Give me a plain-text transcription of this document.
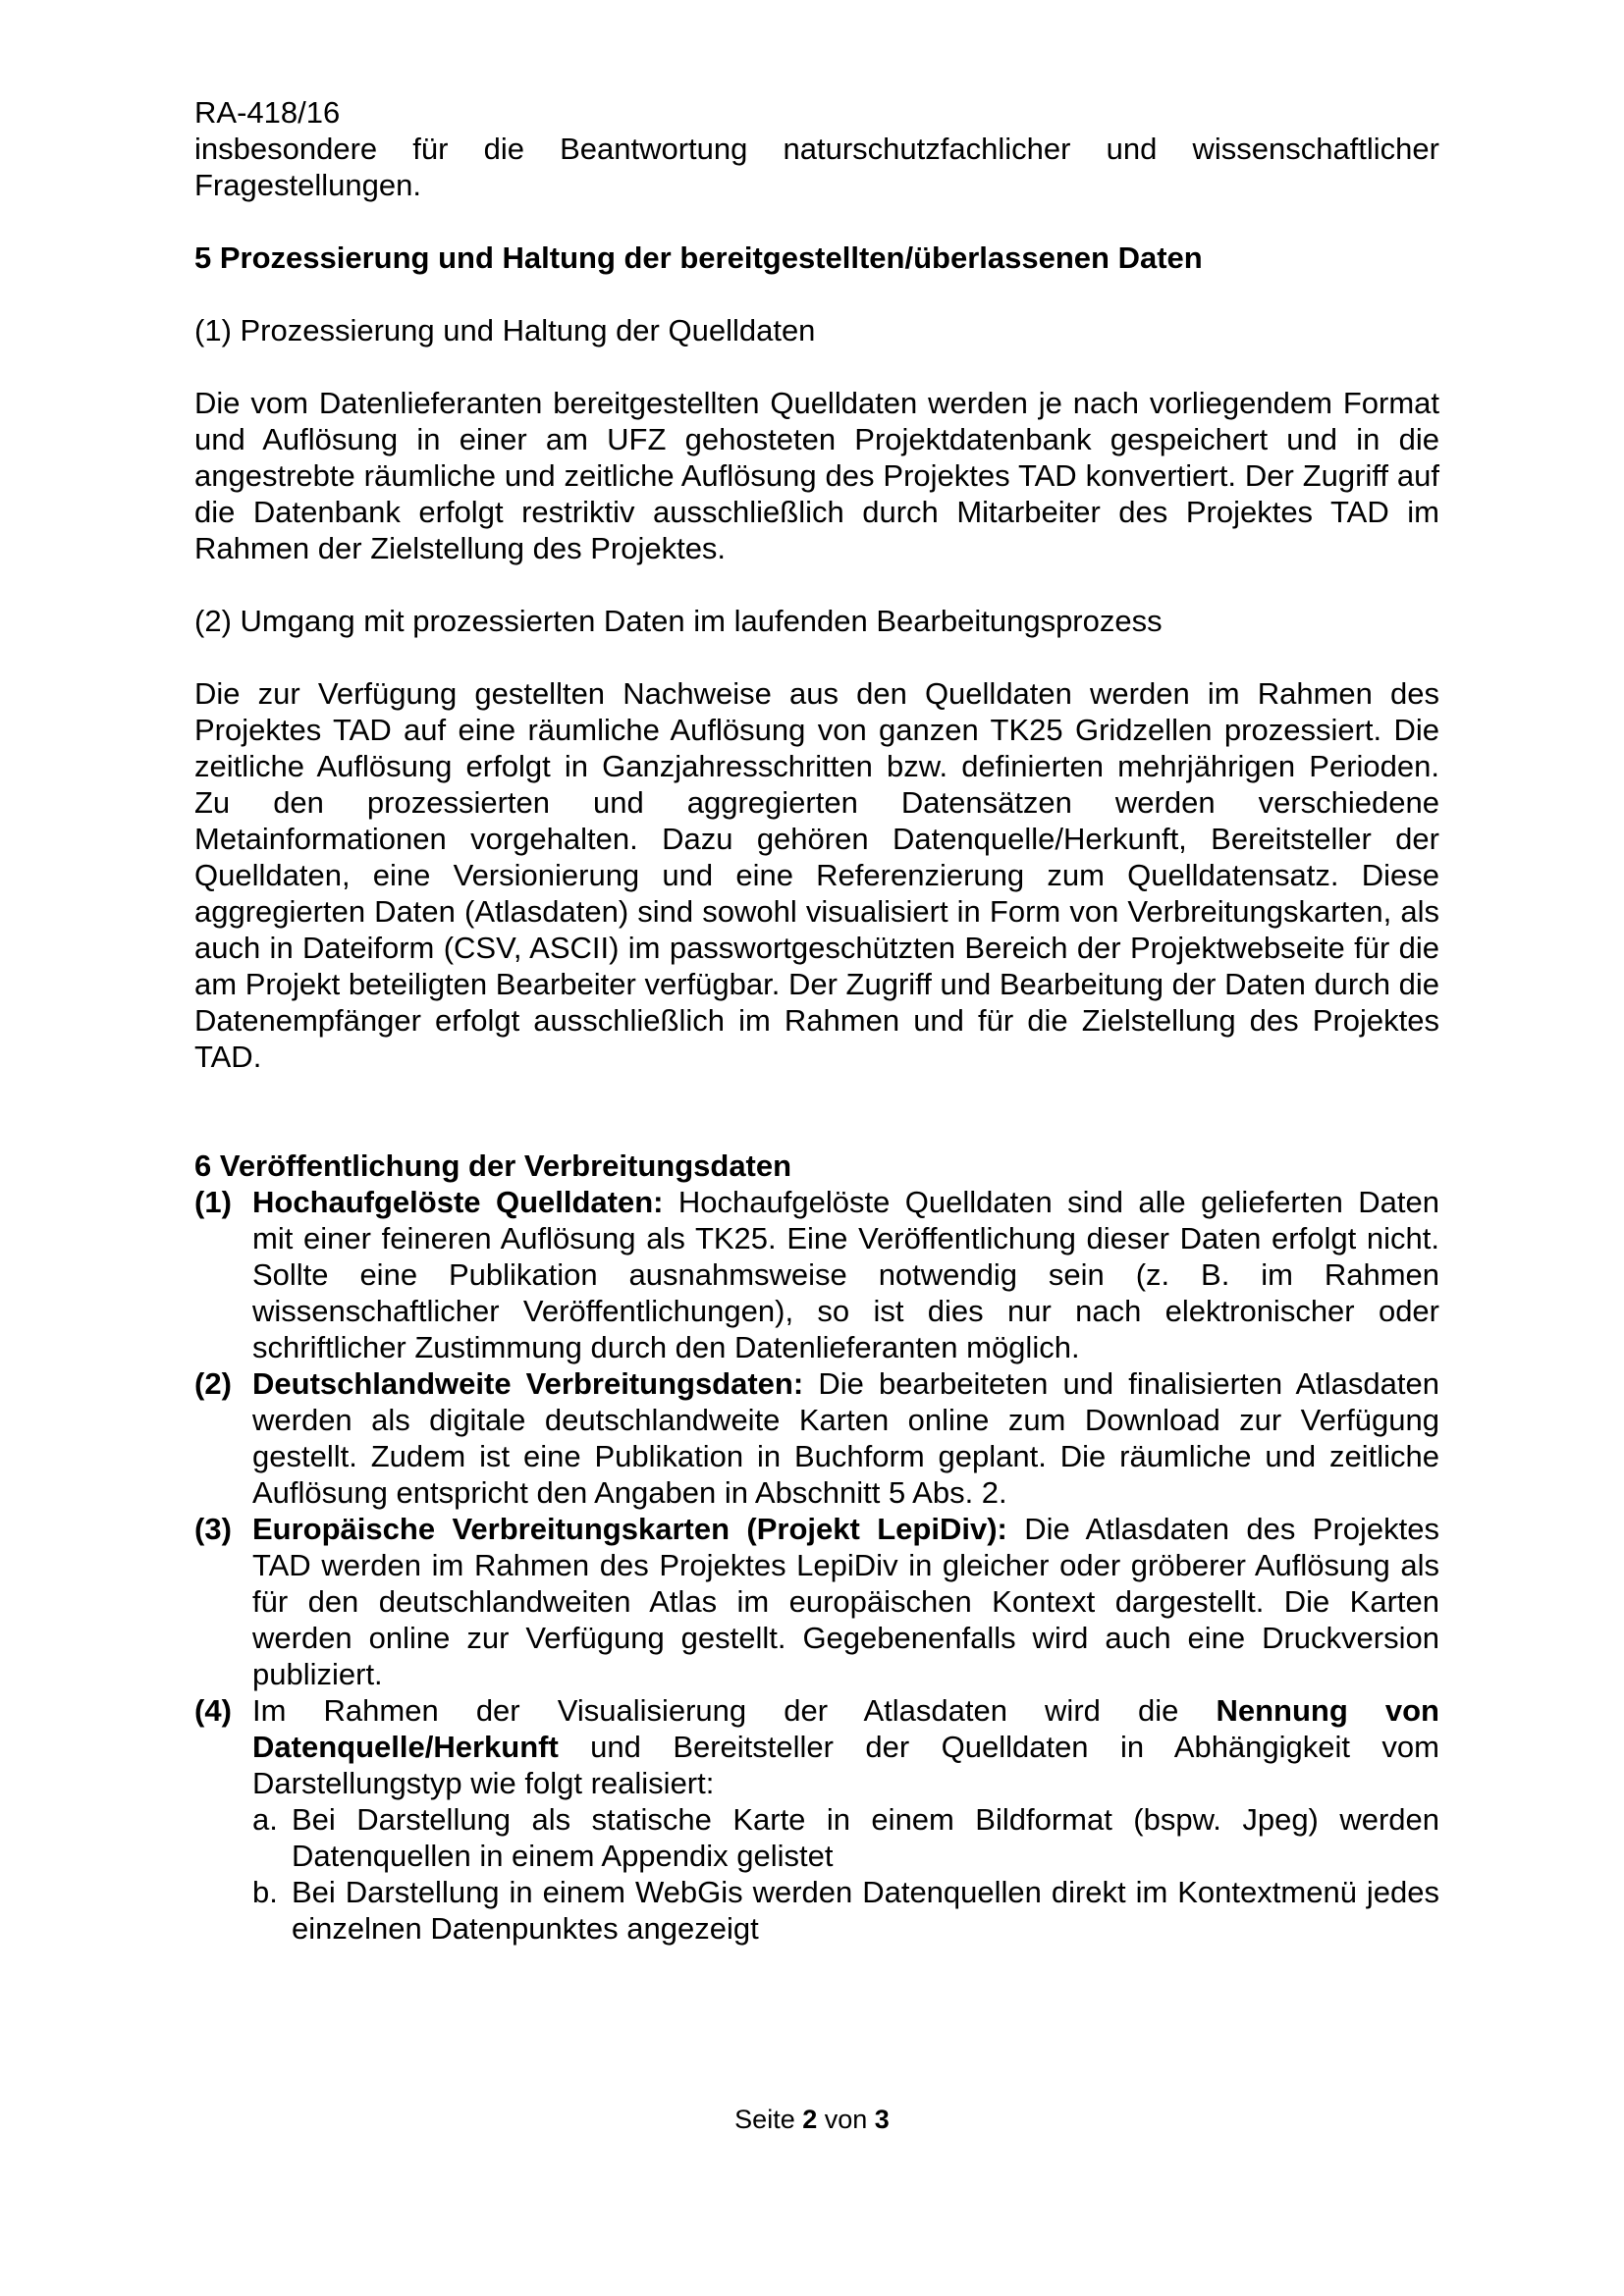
RA-418/16

insbesondere für die Beantwortung naturschutzfachlicher und wissenschaftlicher Fragestellungen.

5 Prozessierung und Haltung der bereitgestellten/überlassenen Daten

(1) Prozessierung und Haltung der Quelldaten

Die vom Datenlieferanten bereitgestellten Quelldaten werden je nach vorliegendem Format und Auflösung in einer am UFZ gehosteten Projektdatenbank gespeichert und in die angestrebte räumliche und zeitliche Auflösung des Projektes TAD konvertiert. Der Zugriff auf die Datenbank erfolgt restriktiv ausschließlich durch Mitarbeiter des Projektes TAD im Rahmen der Zielstellung des Projektes.

(2) Umgang mit prozessierten Daten im laufenden Bearbeitungsprozess

Die zur Verfügung gestellten Nachweise aus den Quelldaten werden im Rahmen des Projektes TAD auf eine räumliche Auflösung von ganzen TK25 Gridzellen prozessiert. Die zeitliche Auflösung erfolgt in Ganzjahresschritten bzw. definierten mehrjährigen Perioden. Zu den prozessierten und aggregierten Datensätzen werden verschiedene Metainformationen vorgehalten. Dazu gehören Datenquelle/Herkunft, Bereitsteller der Quelldaten, eine Versionierung und eine Referenzierung zum Quelldatensatz. Diese aggregierten Daten (Atlasdaten) sind sowohl visualisiert in Form von Verbreitungskarten, als auch in Dateiform (CSV, ASCII) im passwortgeschützten Bereich der Projektwebseite für die am Projekt beteiligten Bearbeiter verfügbar. Der Zugriff und Bearbeitung der Daten durch die Datenempfänger erfolgt ausschließlich im Rahmen und für die Zielstellung des Projektes TAD.

6 Veröffentlichung der Verbreitungsdaten

(1) Hochaufgelöste Quelldaten: Hochaufgelöste Quelldaten sind alle gelieferten Daten mit einer feineren Auflösung als TK25. Eine Veröffentlichung dieser Daten erfolgt nicht. Sollte eine Publikation ausnahmsweise notwendig sein (z. B. im Rahmen wissenschaftlicher Veröffentlichungen), so ist dies nur nach elektronischer oder schriftlicher Zustimmung durch den Datenlieferanten möglich.
(2) Deutschlandweite Verbreitungsdaten: Die bearbeiteten und finalisierten Atlasdaten werden als digitale deutschlandweite Karten online zum Download zur Verfügung gestellt. Zudem ist eine Publikation in Buchform geplant. Die räumliche und zeitliche Auflösung entspricht den Angaben in Abschnitt 5 Abs. 2.
(3) Europäische Verbreitungskarten (Projekt LepiDiv): Die Atlasdaten des Projektes TAD werden im Rahmen des Projektes LepiDiv in gleicher oder gröberer Auflösung als für den deutschlandweiten Atlas im europäischen Kontext dargestellt. Die Karten werden online zur Verfügung gestellt. Gegebenenfalls wird auch eine Druckversion publiziert.
(4) Im Rahmen der Visualisierung der Atlasdaten wird die Nennung von Datenquelle/Herkunft und Bereitsteller der Quelldaten in Abhängigkeit vom Darstellungstyp wie folgt realisiert:
a. Bei Darstellung als statische Karte in einem Bildformat (bspw. Jpeg) werden Datenquellen in einem Appendix gelistet
b. Bei Darstellung in einem WebGis werden Datenquellen direkt im Kontextmenü jedes einzelnen Datenpunktes angezeigt
Seite 2 von 3
